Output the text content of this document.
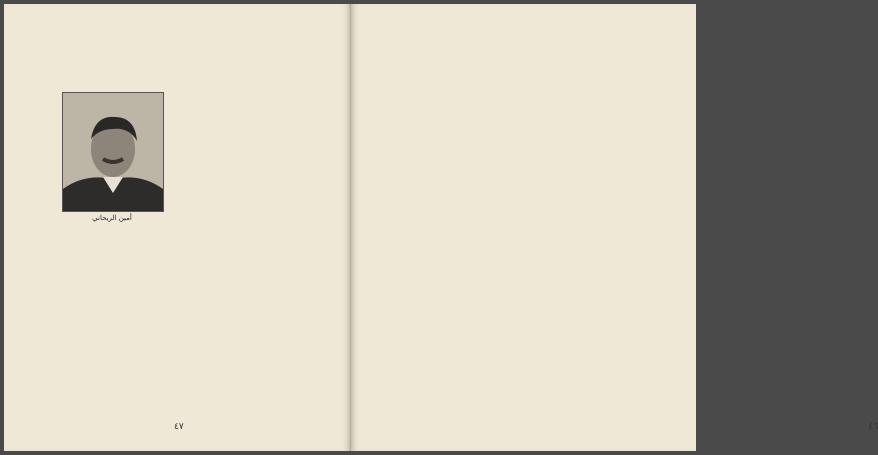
أمين الريحاني
٤٧	٤٦
